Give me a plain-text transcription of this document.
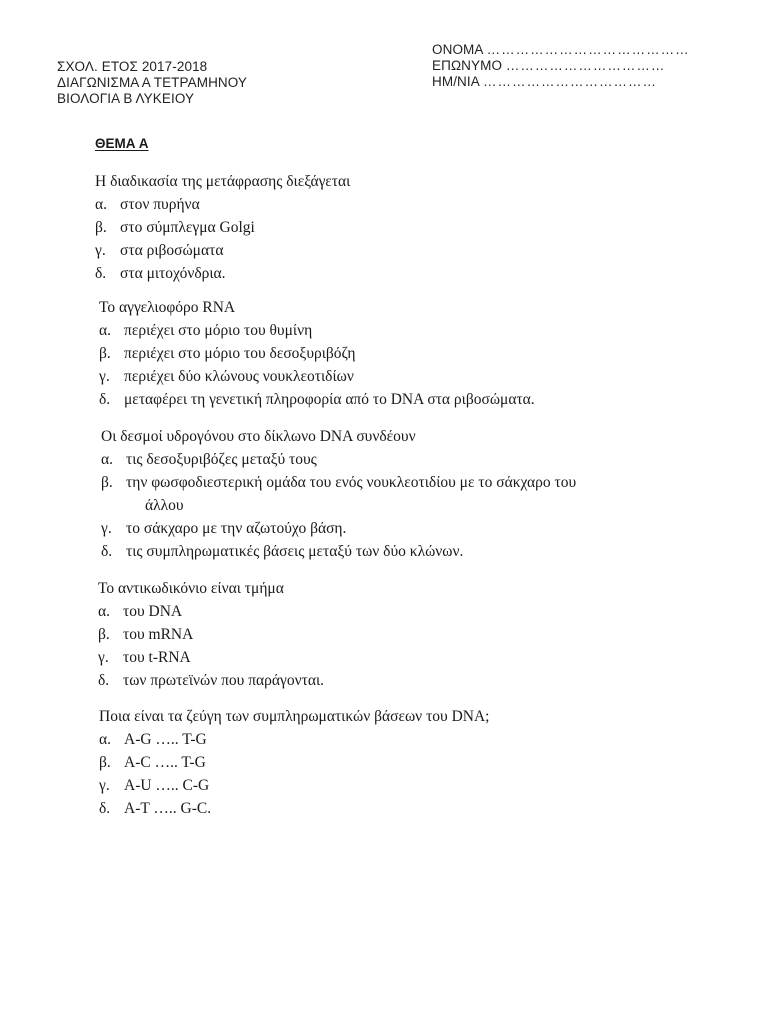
ΣΧΟΛ. ΕΤΟΣ 2017-2018
ΔΙΑΓΩΝΙΣΜΑ Α ΤΕΤΡΑΜΗΝΟΥ
ΒΙΟΛΟΓΙΑ Β ΛΥΚΕΙΟΥ
ΟΝΟΜΑ ……………………………………
ΕΠΩΝΥΜΟ ……………………………
ΗΜ/ΝΙΑ ………………………………
ΘΕΜΑ Α
Η διαδικασία της μετάφρασης διεξάγεται
α. στον πυρήνα
β. στο σύμπλεγμα Golgi
γ. στα ριβοσώματα
δ. στα μιτοχόνδρια.
Το αγγελιοφόρο RNA
α. περιέχει στο μόριο του θυμίνη
β. περιέχει στο μόριο του δεσοξυριβόζη
γ. περιέχει δύο κλώνους νουκλεοτιδίων
δ. μεταφέρει τη γενετική πληροφορία από το DNA στα ριβοσώματα.
Οι δεσμοί υδρογόνου στο δίκλωνο DNA συνδέουν
α. τις δεσοξυριβόζες μεταξύ τους
β. την φωσφοδιεστερική ομάδα του ενός νουκλεοτιδίου με το σάκχαρο του
άλλου
γ. το σάκχαρο με την αζωτούχο βάση.
δ. τις συμπληρωματικές βάσεις μεταξύ των δύο κλώνων.
Το αντικωδικόνιο είναι τμήμα
α. του DNA
β. του mRNA
γ. του t-RNA
δ. των πρωτεϊνών που παράγονται.
Ποια είναι τα ζεύγη των συμπληρωματικών βάσεων του DNA;
α. A-G ….. T-G
β. A-C ….. T-G
γ. A-U ….. C-G
δ. A-T ….. G-C.
